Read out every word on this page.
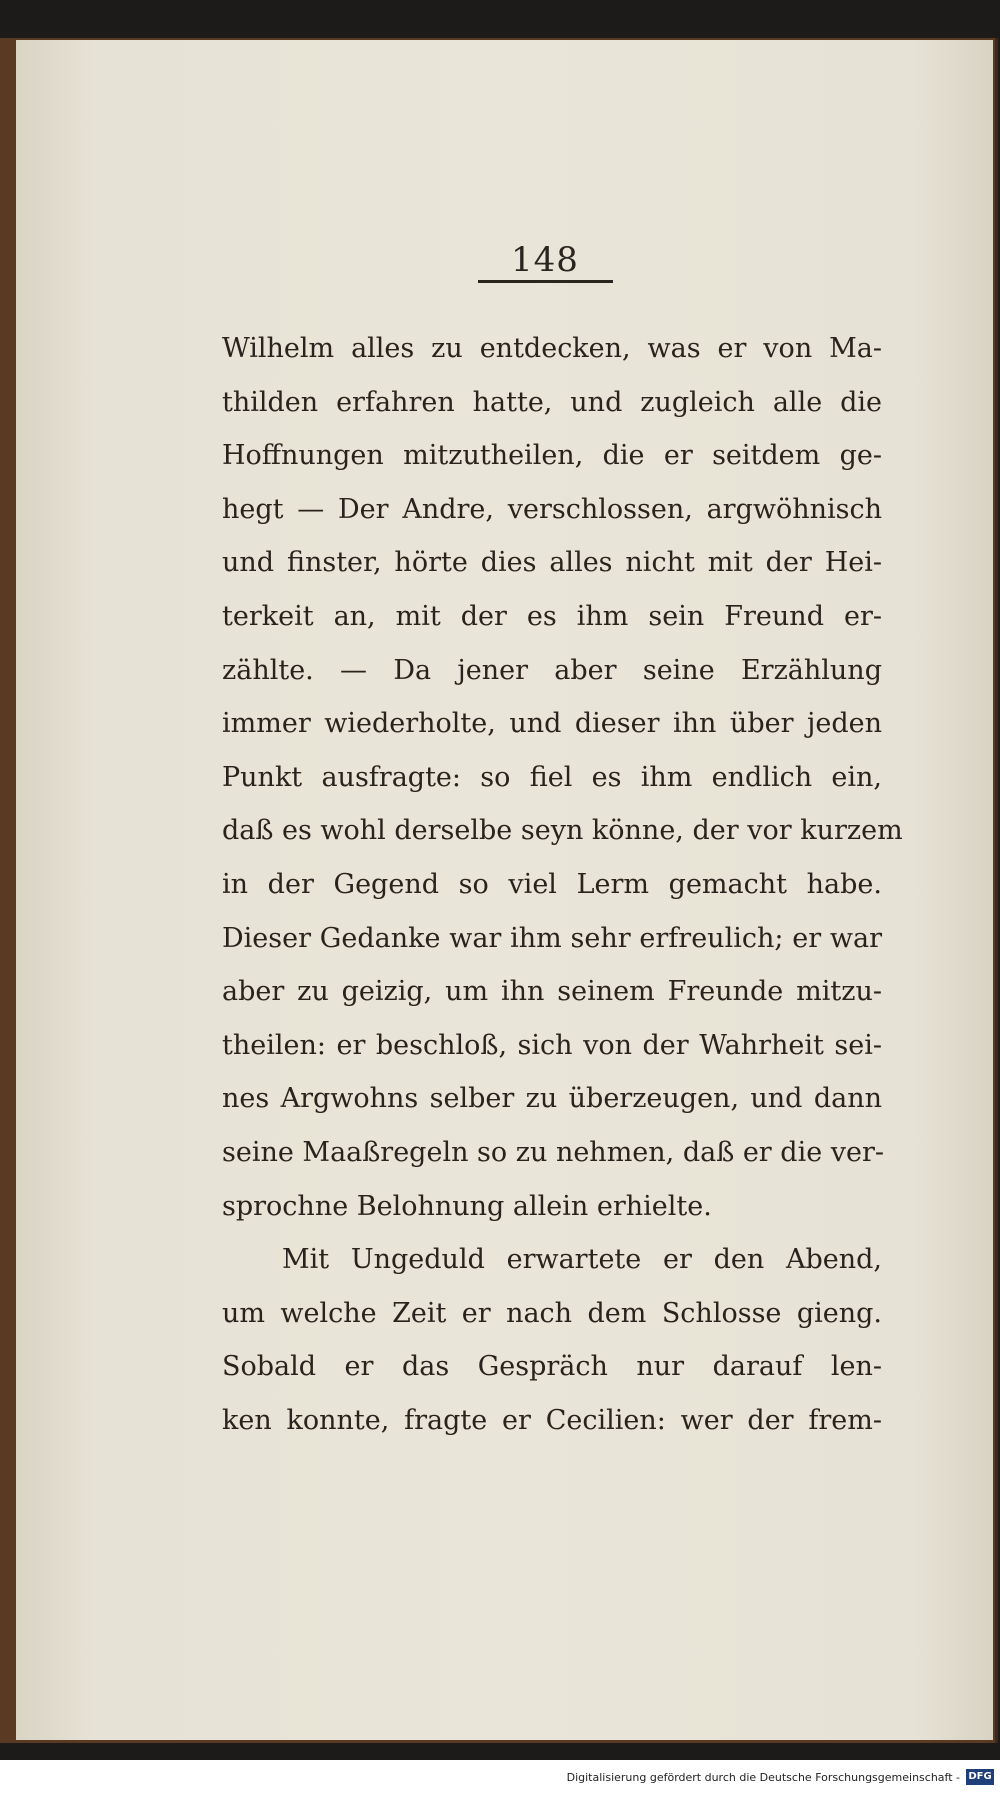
148
Wilhelm alles zu entdecken, was er von Ma-
thilden erfahren hatte, und zugleich alle die
Hoffnungen mitzutheilen, die er seitdem ge-
hegt — Der Andre, verschlossen, argwöhnisch
und finster, hörte dies alles nicht mit der Hei-
terkeit an, mit der es ihm sein Freund er-
zählte. — Da jener aber seine Erzählung
immer wiederholte, und dieser ihn über jeden
Punkt ausfragte: so fiel es ihm endlich ein,
daß es wohl derselbe seyn könne, der vor kurzem
in der Gegend so viel Lerm gemacht habe.
Dieser Gedanke war ihm sehr erfreulich; er war
aber zu geizig, um ihn seinem Freunde mitzu-
theilen: er beschloß, sich von der Wahrheit sei-
nes Argwohns selber zu überzeugen, und dann
seine Maaßregeln so zu nehmen, daß er die ver-
sprochne Belohnung allein erhielte.
Mit Ungeduld erwartete er den Abend,
um welche Zeit er nach dem Schlosse gieng.
Sobald er das Gespräch nur darauf len-
ken konnte, fragte er Cecilien: wer der frem-
Digitalisierung gefördert durch die Deutsche Forschungsgemeinschaft - DFG
